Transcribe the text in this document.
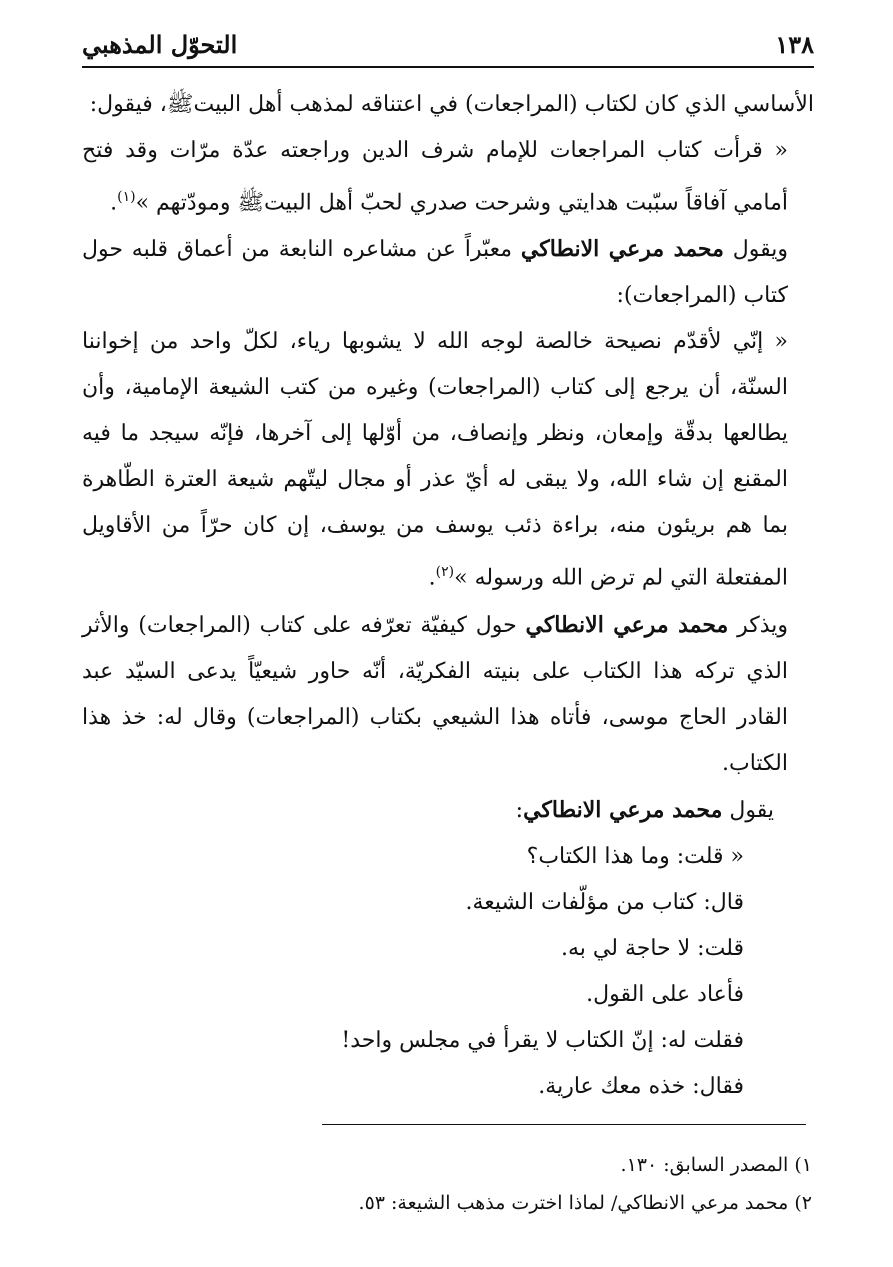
١٣٨
التحوّل المذهبي

الأساسي الذي كان لكتاب (المراجعات) في اعتناقه لمذهب أهل البيتﷺ، فيقول:

« قرأت كتاب المراجعات للإمام شرف الدين وراجعته عدّة مرّات وقد فتح أمامي آفاقاً سبّبت هدايتي وشرحت صدري لحبّ أهل البيتﷺ ومودّتهم »$^{(١)}$.

ويقول محمد مرعي الانطاكي معبّراً عن مشاعره النابعة من أعماق قلبه حول كتاب (المراجعات):

« إنّي لأقدّم نصيحة خالصة لوجه الله لا يشوبها رياء، لكلّ واحد من إخواننا السنّة، أن يرجع إلى كتاب (المراجعات) وغيره من كتب الشيعة الإمامية، وأن يطالعها بدقّة وإمعان، ونظر وإنصاف، من أوّلها إلى آخرها، فإنّه سيجد ما فيه المقنع إن شاء الله، ولا يبقى له أيّ عذر أو مجال ليتّهم شيعة العترة الطّاهرة بما هم بريئون منه، براءة ذئب يوسف من يوسف، إن كان حرّاً من الأقاويل المفتعلة التي لم ترض الله ورسوله »$^{(٢)}$.

ويذكر محمد مرعي الانطاكي حول كيفيّة تعرّفه على كتاب (المراجعات) والأثر الذي تركه هذا الكتاب على بنيته الفكريّة، أنّه حاور شيعيّاً يدعى السيّد عبد القادر الحاج موسى، فأتاه هذا الشيعي بكتاب (المراجعات) وقال له: خذ هذا الكتاب.

يقول محمد مرعي الانطاكي:

« قلت: وما هذا الكتاب؟

قال: كتاب من مؤلّفات الشيعة.

قلت: لا حاجة لي به.

فأعاد على القول.

فقلت له: إنّ الكتاب لا يقرأ في مجلس واحد!

فقال: خذه معك عارية.

١) المصدر السابق: ١٣٠.

٢) محمد مرعي الانطاكي/ لماذا اخترت مذهب الشيعة: ٥٣.
